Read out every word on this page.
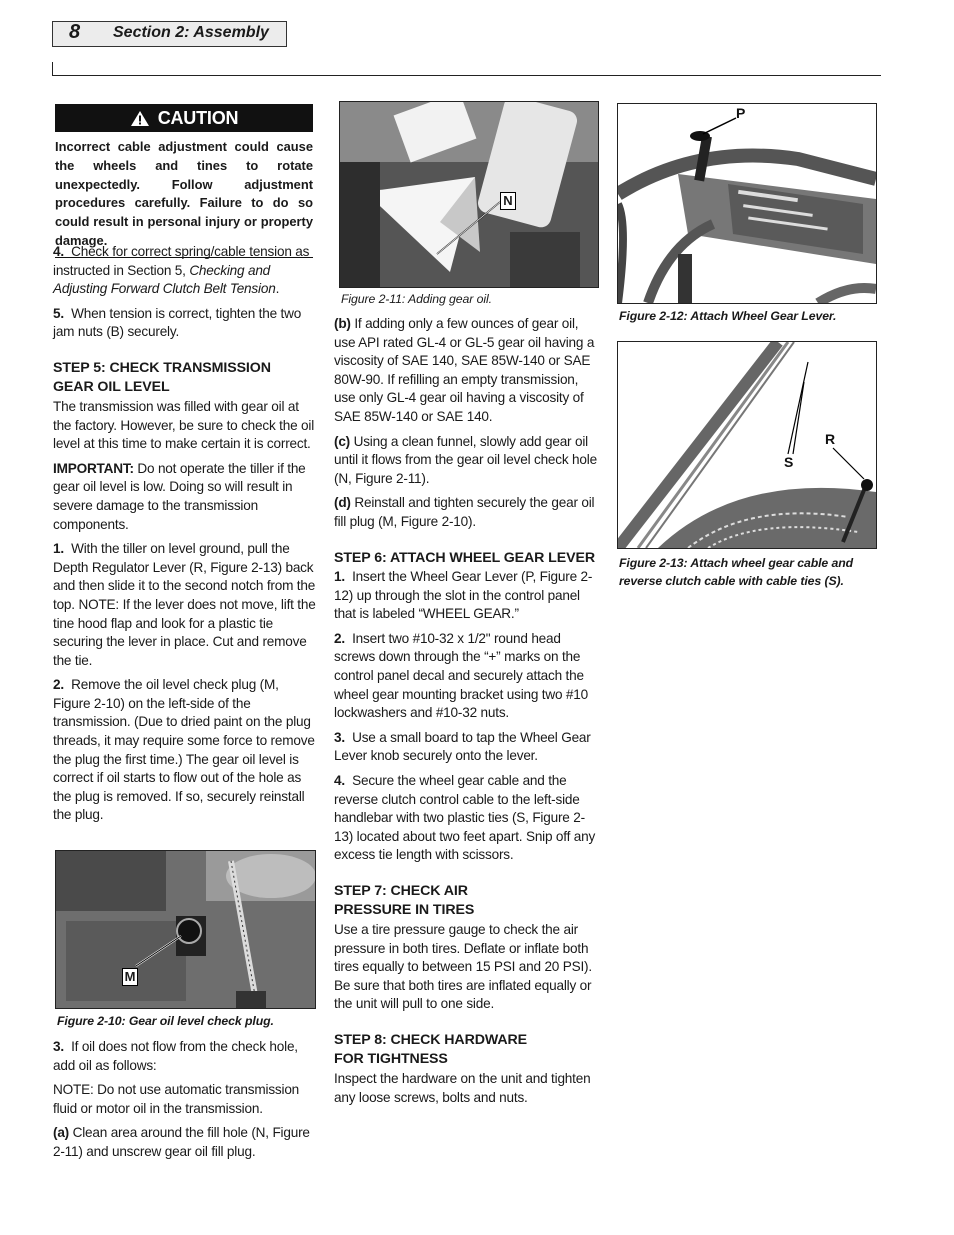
8 Section 2: Assembly
CAUTION
Incorrect cable adjustment could cause the wheels and tines to rotate unexpectedly. Follow adjustment procedures carefully. Failure to do so could result in personal injury or property damage.

4. Check for correct spring/cable tension as instructed in Section 5, Checking and Adjusting Forward Clutch Belt Tension.

5. When tension is correct, tighten the two jam nuts (B) securely.

STEP 5: CHECK TRANSMISSION
GEAR OIL LEVEL

The transmission was filled with gear oil at the factory. However, be sure to check the oil level at this time to make certain it is correct.

IMPORTANT: Do not operate the tiller if the gear oil level is low. Doing so will result in severe damage to the transmission components.

1. With the tiller on level ground, pull the Depth Regulator Lever (R, Figure 2-13) back and then slide it to the second notch from the top. NOTE: If the lever does not move, lift the tine hood flap and look for a plastic tie securing the lever in place. Cut and remove the tie.

2. Remove the oil level check plug (M, Figure 2-10) on the left-side of the transmission. (Due to dried paint on the plug threads, it may require some force to remove the plug the first time.) The gear oil level is correct if oil starts to flow out of the hole as the plug is removed. If so, securely reinstall the plug.

M
Figure 2-10: Gear oil level check plug.

3. If oil does not flow from the check hole, add oil as follows:

NOTE: Do not use automatic transmission fluid or motor oil in the transmission.

(a) Clean area around the fill hole (N, Figure 2-11) and unscrew gear oil fill plug.

N
Figure 2-11: Adding gear oil.

(b) If adding only a few ounces of gear oil, use API rated GL-4 or GL-5 gear oil having a viscosity of SAE 140, SAE 85W-140 or SAE 80W-90. If refilling an empty transmission, use only GL-4 gear oil having a viscosity of SAE 85W-140 or SAE 140.

(c) Using a clean funnel, slowly add gear oil until it flows from the gear oil level check hole (N, Figure 2-11).

(d) Reinstall and tighten securely the gear oil fill plug (M, Figure 2-10).

STEP 6: ATTACH WHEEL GEAR LEVER

1. Insert the Wheel Gear Lever (P, Figure 2-12) up through the slot in the control panel that is labeled “WHEEL GEAR.”

2. Insert two #10-32 x 1/2" round head screws down through the “+” marks on the control panel decal and securely attach the wheel gear mounting bracket using two #10 lockwashers and #10-32 nuts.

3. Use a small board to tap the Wheel Gear Lever knob securely onto the lever.

4. Secure the wheel gear cable and the reverse clutch control cable to the left-side handlebar with two plastic ties (S, Figure 2-13) located about two feet apart. Snip off any excess tie length with scissors.

STEP 7: CHECK AIR
PRESSURE IN TIRES

Use a tire pressure gauge to check the air pressure in both tires. Deflate or inflate both tires equally to between 15 PSI and 20 PSI). Be sure that both tires are inflated equally or the unit will pull to one side.

STEP 8: CHECK HARDWARE
FOR TIGHTNESS

Inspect the hardware on the unit and tighten any loose screws, bolts and nuts.

P
Figure 2-12: Attach Wheel Gear Lever.
R
S
Figure 2-13: Attach wheel gear cable and
reverse clutch cable with cable ties (S).
